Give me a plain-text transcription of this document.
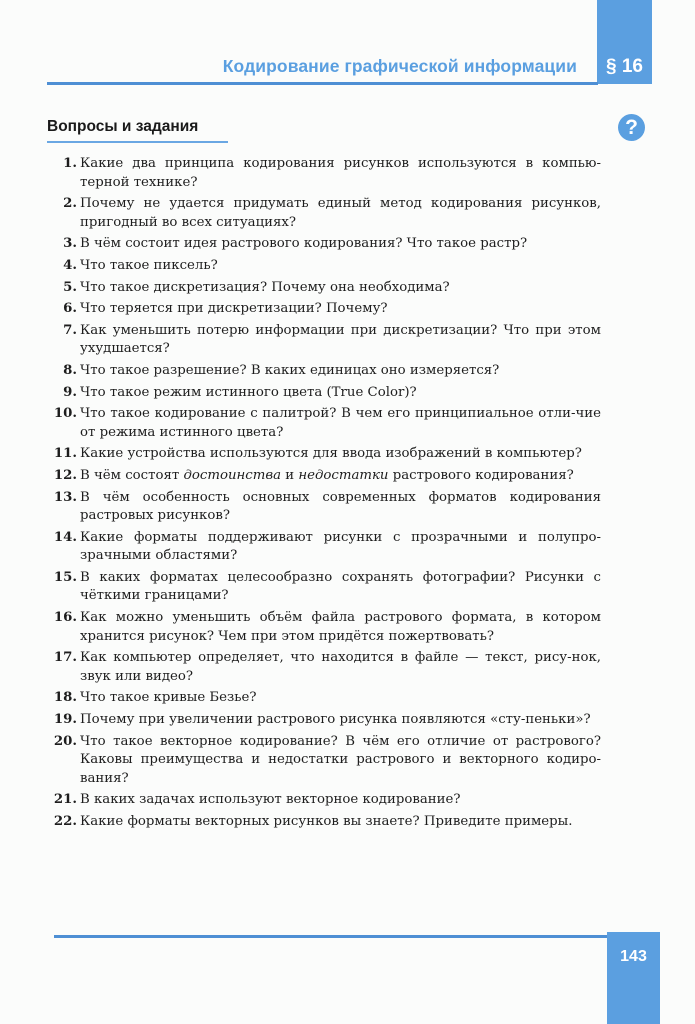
§ 16
Кодирование графической информации
Вопросы и задания	?
1. Какие два принципа кодирования рисунков используются в компью-терной технике?
2. Почему не удается придумать единый метод кодирования рисунков, пригодный во всех ситуациях?
3. В чём состоит идея растрового кодирования? Что такое растр?
4. Что такое пиксель?
5. Что такое дискретизация? Почему она необходима?
6. Что теряется при дискретизации? Почему?
7. Как уменьшить потерю информации при дискретизации? Что при этом ухудшается?
8. Что такое разрешение? В каких единицах оно измеряется?
9. Что такое режим истинного цвета (True Color)?
10. Что такое кодирование с палитрой? В чем его принципиальное отли-чие от режима истинного цвета?
11. Какие устройства используются для ввода изображений в компьютер?
12. В чём состоят достоинства и недостатки растрового кодирования?
13. В чём особенность основных современных форматов кодирования растровых рисунков?
14. Какие форматы поддерживают рисунки с прозрачными и полупро-зрачными областями?
15. В каких форматах целесообразно сохранять фотографии? Рисунки с чёткими границами?
16. Как можно уменьшить объём файла растрового формата, в котором хранится рисунок? Чем при этом придётся пожертвовать?
17. Как компьютер определяет, что находится в файле — текст, рису-нок, звук или видео?
18. Что такое кривые Безье?
19. Почему при увеличении растрового рисунка появляются «сту-пеньки»?
20. Что такое векторное кодирование? В чём его отличие от растрового? Каковы преимущества и недостатки растрового и векторного кодиро-вания?
21. В каких задачах используют векторное кодирование?
22. Какие форматы векторных рисунков вы знаете? Приведите примеры.
143
